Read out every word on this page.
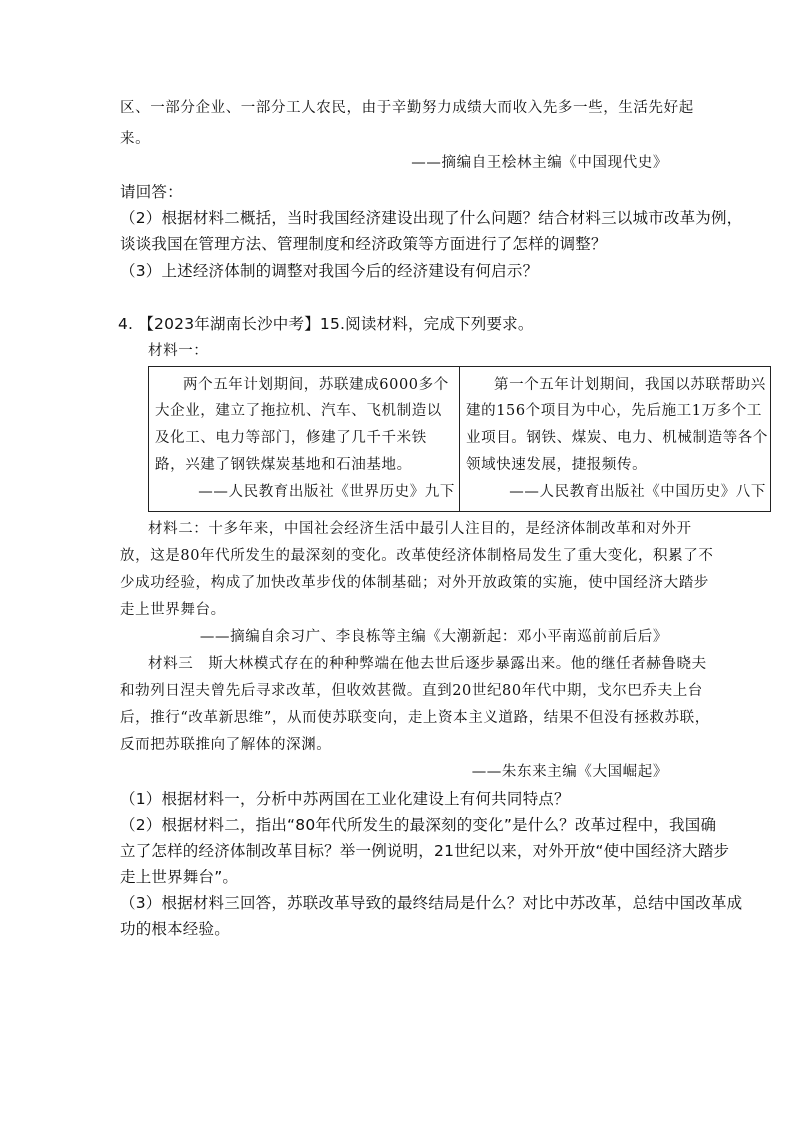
区、一部分企业、一部分工人农民，由于辛勤努力成绩大而收入先多一些，生活先好起
来。
——摘编自王桧林主编《中国现代史》
请回答：
（2）根据材料二概括，当时我国经济建设出现了什么问题？结合材料三以城市改革为例，
谈谈我国在管理方法、管理制度和经济政策等方面进行了怎样的调整？
（3）上述经济体制的调整对我国今后的经济建设有何启示？
4. 【2023年湖南长沙中考】15.阅读材料，完成下列要求。
材料一：
两个五年计划期间，苏联建成6000多个
大企业，建立了拖拉机、汽车、飞机制造以
及化工、电力等部门，修建了几千千米铁
路，兴建了钢铁煤炭基地和石油基地。
——人民教育出版社《世界历史》九下
第一个五年计划期间，我国以苏联帮助兴
建的156个项目为中心，先后施工1万多个工
业项目。钢铁、煤炭、电力、机械制造等各个
领域快速发展，捷报频传。
——人民教育出版社《中国历史》八下
材料二：十多年来，中国社会经济生活中最引人注目的，是经济体制改革和对外开
放，这是80年代所发生的最深刻的变化。改革使经济体制格局发生了重大变化，积累了不
少成功经验，构成了加快改革步伐的体制基础；对外开放政策的实施，使中国经济大踏步
走上世界舞台。
——摘编自余习广、李良栋等主编《大潮新起：邓小平南巡前前后后》
材料三　斯大林模式存在的种种弊端在他去世后逐步暴露出来。他的继任者赫鲁晓夫
和勃列日涅夫曾先后寻求改革，但收效甚微。直到20世纪80年代中期，戈尔巴乔夫上台
后，推行“改革新思维”，从而使苏联变向，走上资本主义道路，结果不但没有拯救苏联，
反而把苏联推向了解体的深渊。
——朱东来主编《大国崛起》
（1）根据材料一，分析中苏两国在工业化建设上有何共同特点？
（2）根据材料二，指出“80年代所发生的最深刻的变化”是什么？改革过程中，我国确
立了怎样的经济体制改革目标？举一例说明，21世纪以来，对外开放“使中国经济大踏步
走上世界舞台”。
（3）根据材料三回答，苏联改革导致的最终结局是什么？对比中苏改革，总结中国改革成
功的根本经验。
